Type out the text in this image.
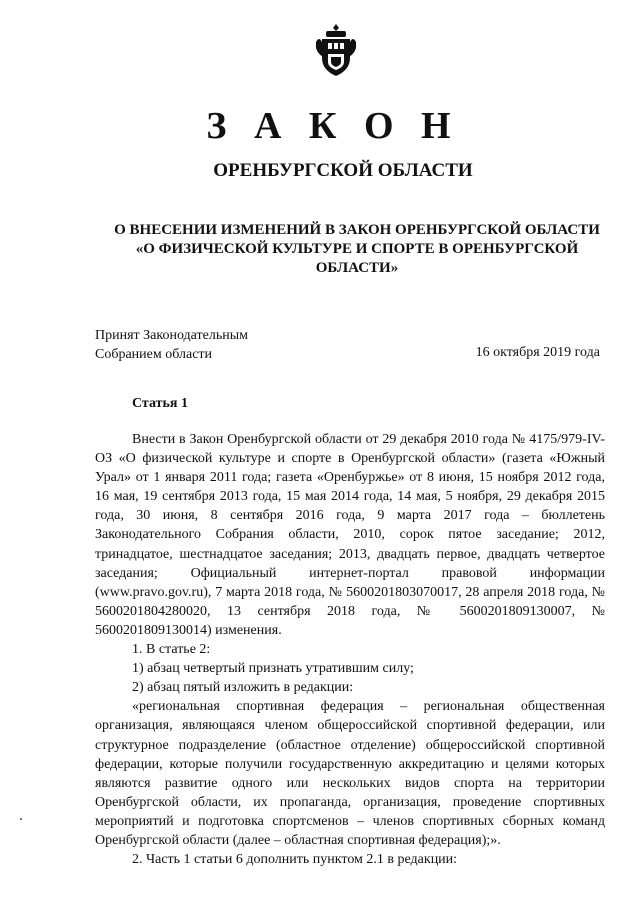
З А К О Н
ОРЕНБУРГСКОЙ ОБЛАСТИ
О ВНЕСЕНИИ ИЗМЕНЕНИЙ В ЗАКОН ОРЕНБУРГСКОЙ ОБЛАСТИ
«О ФИЗИЧЕСКОЙ КУЛЬТУРЕ И СПОРТЕ В ОРЕНБУРГСКОЙ
ОБЛАСТИ»
Принят Законодательным
Собранием области	16 октября 2019 года
Статья 1

Внести в Закон Оренбургской области от 29 декабря 2010 года № 4175/979-IV-ОЗ «О физической культуре и спорте в Оренбургской области» (газета «Южный Урал» от 1 января 2011 года; газета «Оренбуржье» от 8 июня, 15 ноября 2012 года, 16 мая, 19 сентября 2013 года, 15 мая 2014 года, 14 мая, 5 ноября, 29 декабря 2015 года, 30 июня, 8 сентября 2016 года, 9 марта 2017 года – бюллетень Законодательного Собрания области, 2010, сорок пятое заседание; 2012, тринадцатое, шестнадцатое заседания; 2013, двадцать первое, двадцать четвертое заседания; Официальный интернет-портал правовой информации (www.pravo.gov.ru), 7 марта 2018 года, № 5600201803070017, 28 апреля 2018 года, № 5600201804280020, 13 сентября 2018 года, № 5600201809130007, № 5600201809130014) изменения.

1. В статье 2:

1) абзац четвертый признать утратившим силу;

2) абзац пятый изложить в редакции:

«региональная спортивная федерация – региональная общественная организация, являющаяся членом общероссийской спортивной федерации, или структурное подразделение (областное отделение) общероссийской спортивной федерации, которые получили государственную аккредитацию и целями которых являются развитие одного или нескольких видов спорта на территории Оренбургской области, их пропаганда, организация, проведение спортивных мероприятий и подготовка спортсменов – членов спортивных сборных команд Оренбургской области (далее – областная спортивная федерация);».

2. Часть 1 статьи 6 дополнить пунктом 2.1 в редакции:
